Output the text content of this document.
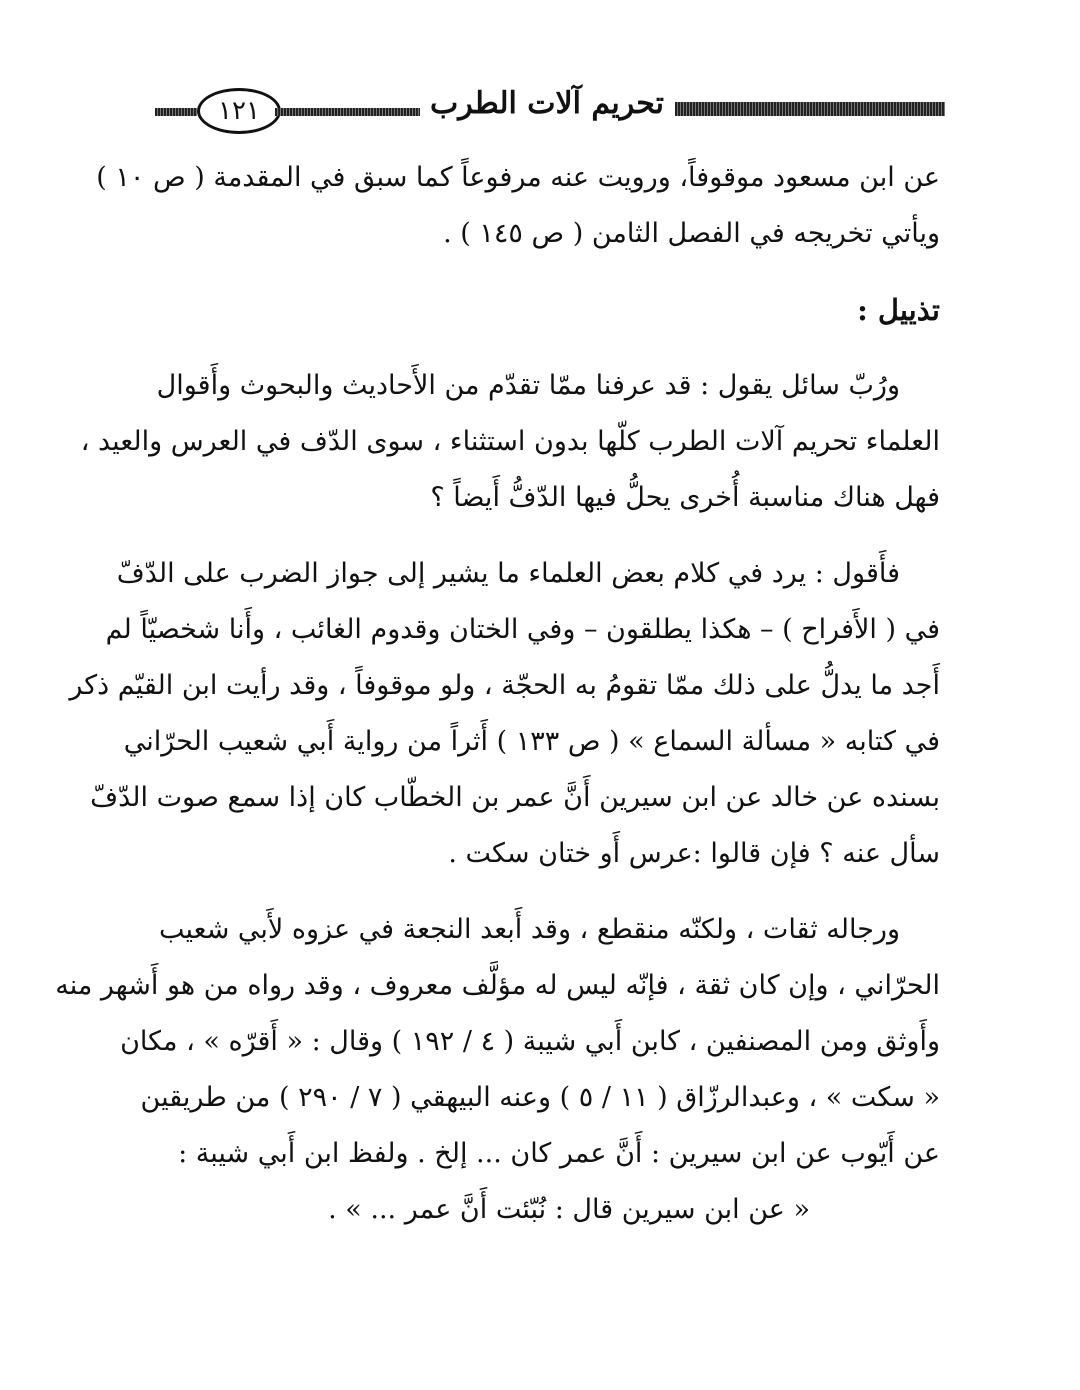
١٢١	تحريم آلات الطرب

عن ابن مسعود موقوفاً، ورويت عنه مرفوعاً كما سبق في المقدمة ( ص ١٠ )

ويأتي تخريجه في الفصل الثامن ( ص ١٤٥ ) .

تذييل :

ورُبّ سائل يقول : قد عرفنا ممّا تقدّم من الأَحاديث والبحوث وأَقوال

العلماء تحريم آلات الطرب كلّها بدون استثناء ، سوى الدّف في العرس والعيد ،

فهل هناك مناسبة أُخرى يحلُّ فيها الدّفُّ أَيضاً ؟

فأَقول : يرد في كلام بعض العلماء ما يشير إلى جواز الضرب على الدّفّ

في ( الأَفراح ) – هكذا يطلقون – وفي الختان وقدوم الغائب ، وأَنا شخصيّاً لم

أَجد ما يدلُّ على ذلك ممّا تقومُ به الحجّة ، ولو موقوفاً ، وقد رأيت ابن القيّم ذكر

في كتابه « مسألة السماع » ( ص ١٣٣ ) أَثراً من رواية أَبي شعيب الحرّاني

بسنده عن خالد عن ابن سيرين أَنَّ عمر بن الخطّاب كان إذا سمع صوت الدّفّ

سأل عنه ؟ فإن قالوا :عرس أَو ختان سكت .

ورجاله ثقات ، ولكنّه منقطع ، وقد أَبعد النجعة في عزوه لأَبي شعيب

الحرّاني ، وإن كان ثقة ، فإنّه ليس له مؤلَّف معروف ، وقد رواه من هو أَشهر منه

وأَوثق ومن المصنفين ، كابن أَبي شيبة ( ٤ / ١٩٢ ) وقال : « أَقرّه » ، مكان

« سكت » ، وعبدالرزّاق ( ١١ / ٥ ) وعنه البيهقي ( ٧ / ٢٩٠ ) من طريقين

عن أَيّوب عن ابن سيرين : أَنَّ عمر كان ... إلخ . ولفظ ابن أَبي شيبة :

« عن ابن سيرين قال : نُبّئت أَنَّ عمر ... » .
